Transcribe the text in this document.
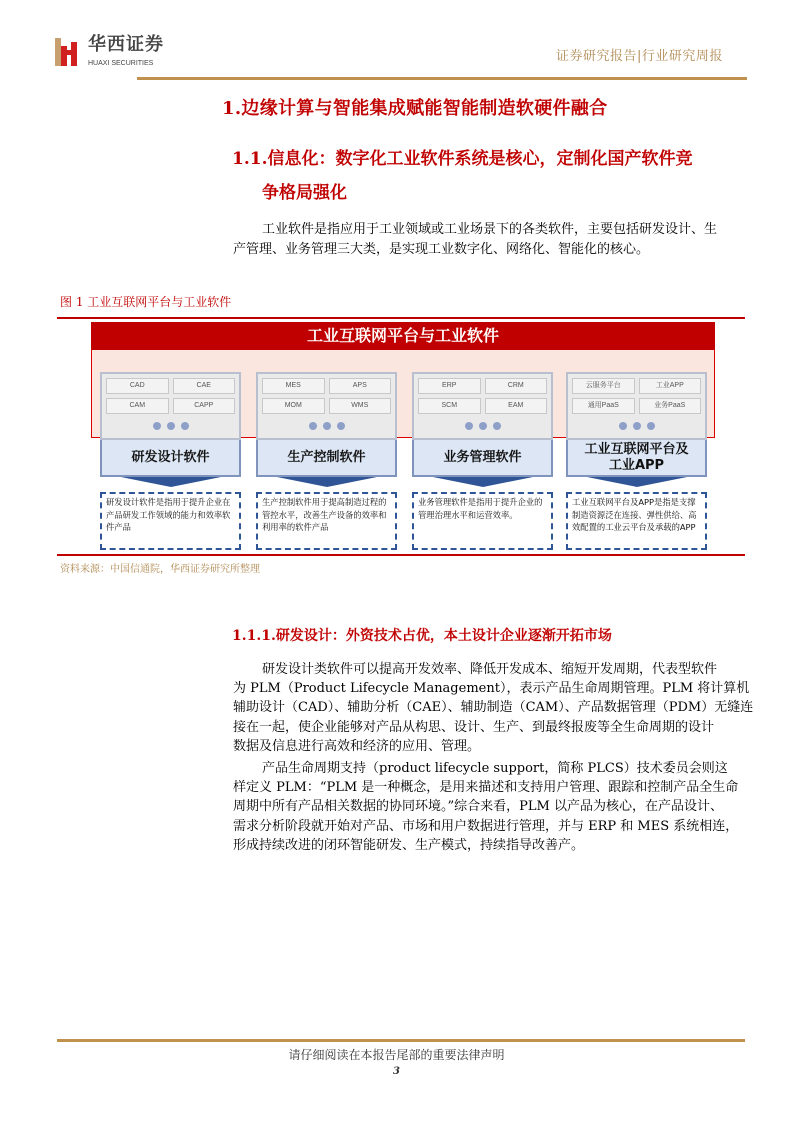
华西证券
HUAXI SECURITIES	证券研究报告|行业研究周报
1.边缘计算与智能集成赋能智能制造软硬件融合
1.1.信息化：数字化工业软件系统是核心，定制化国产软件竞
争格局强化
工业软件是指应用于工业领域或工业场景下的各类软件，主要包括研发设计、生
产管理、业务管理三大类，是实现工业数字化、网络化、智能化的核心。
图 1 工业互联网平台与工业软件
工业互联网平台与工业软件
CAD	CAE
CAM	CAPP
研发设计软件
MES	APS
MOM	WMS
生产控制软件
ERP	CRM
SCM	EAM
业务管理软件
云服务平台	工业APP
通用PaaS	业务PaaS
工业互联网平台及工业APP
研发设计软件是指用于提升企业在产品研发工作领域的能力和效率软件产品
生产控制软件用于提高制造过程的管控水平，改善生产设备的效率和利用率的软件产品
业务管理软件是指用于提升企业的管理治理水平和运营效率。
工业互联网平台及APP是指是支撑制造资源泛在连接、弹性供给、高效配置的工业云平台及承载的APP
资料来源：中国信通院，华西证券研究所整理
1.1.1.研发设计：外资技术占优，本土设计企业逐渐开拓市场
研发设计类软件可以提高开发效率、降低开发成本、缩短开发周期，代表型软件
为 PLM（Product Lifecycle Management），表示产品生命周期管理。PLM 将计算机
辅助设计（CAD）、辅助分析（CAE）、辅助制造（CAM）、产品数据管理（PDM）无缝连
接在一起，使企业能够对产品从构思、设计、生产、到最终报废等全生命周期的设计
数据及信息进行高效和经济的应用、管理。
产品生命周期支持（product lifecycle support，简称 PLCS）技术委员会则这
样定义 PLM：“PLM 是一种概念，是用来描述和支持用户管理、跟踪和控制产品全生命
周期中所有产品相关数据的协同环境。”综合来看，PLM 以产品为核心，在产品设计、
需求分析阶段就开始对产品、市场和用户数据进行管理，并与 ERP 和 MES 系统相连，
形成持续改进的闭环智能研发、生产模式，持续指导改善产。
请仔细阅读在本报告尾部的重要法律声明
3
